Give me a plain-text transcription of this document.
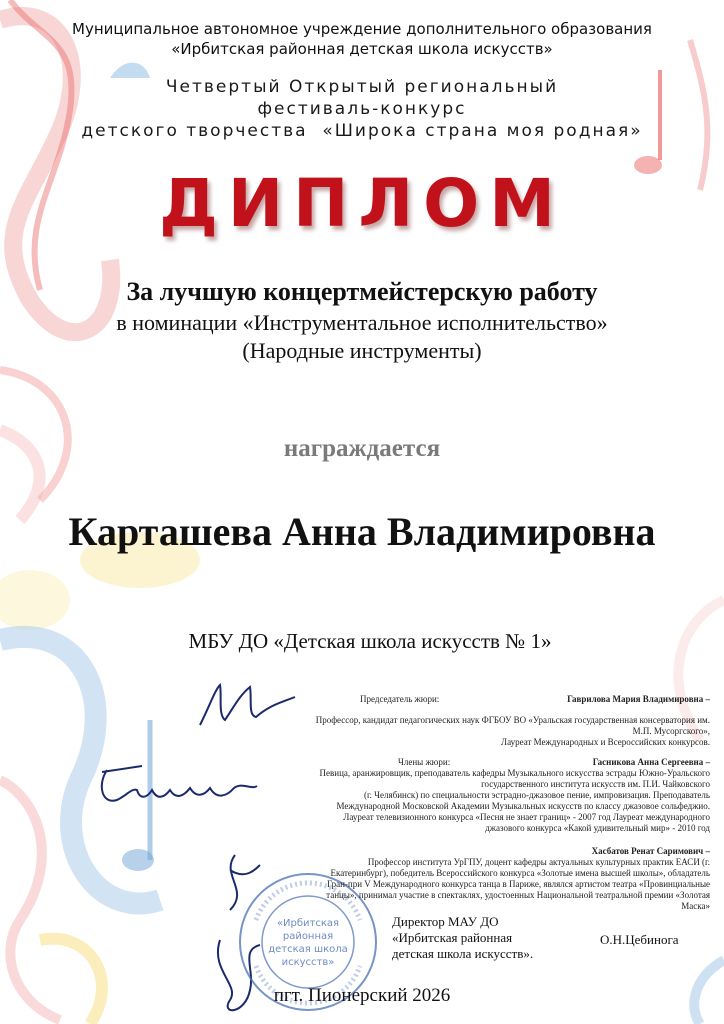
Муниципальное автономное учреждение дополнительного образования
«Ирбитская районная детская школа искусств»
Четвертый Открытый региональный
фестиваль-конкурс
детского творчества  «Широка страна моя родная»
ДИПЛОМ
За лучшую концертмейстерскую работу
в номинации «Инструментальное исполнительство»
(Народные инструменты)
награждается
Карташева Анна Владимировна
МБУ ДО «Детская школа искусств № 1»
«Ирбитская
районная
детская школа
искусств»
Председатель жюри:	Гаврилова Мария Владимировна –
Профессор, кандидат педагогических наук ФГБОУ ВО «Уральская государственная консерватория им.
М.П. Мусоргского»,
Лауреат Международных и Всероссийских конкурсов.
Члены жюри:	Гасникова Анна Сергеевна –
Певица, аранжировщик, преподаватель кафедры Музыкального искусства эстрады Южно-Уральского
государственного института искусств им. П.И. Чайковского
(г. Челябинск) по специальности эстрадно-джазовое пение, импровизация. Преподаватель
Международной Московской Академии Музыкальных искусств по классу джазовое сольфеджио.
Лауреат телевизионного конкурса «Песня не знает границ» - 2007 год Лауреат международного
джазового конкурса «Какой удивительный мир» - 2010 год
Хасбатов Ренат Саримович –
Профессор института УрГПУ, доцент кафедры актуальных культурных практик ЕАСИ (г.
Екатеринбург), победитель Всероссийского конкурса «Золотые имена высшей школы», обладатель
Гран-при V Международного конкурса танца в Париже, являлся артистом театра «Провинциальные
танцы», принимал участие в спектаклях, удостоенных Национальной театральной премии «Золотая
Маска»
Директор МАУ ДО
«Ирбитская районная
детская школа искусств».
О.Н.Цебинога
пгт. Пионерский 2026
